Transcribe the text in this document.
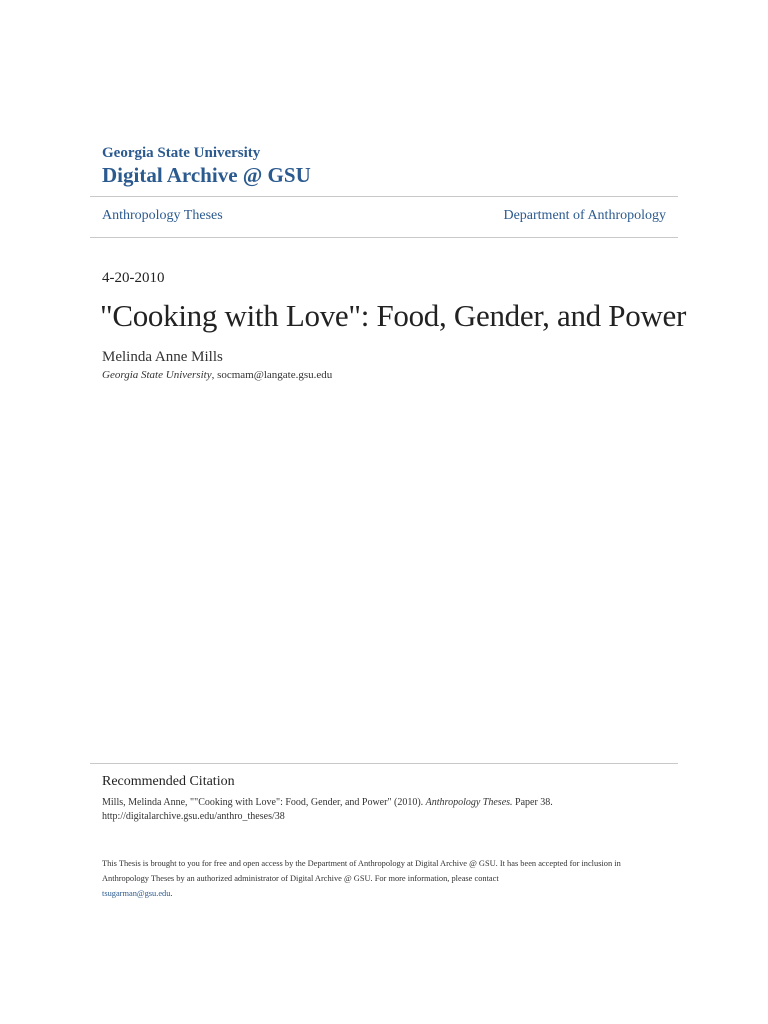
Georgia State University
Digital Archive @ GSU
Anthropology Theses	Department of Anthropology
4-20-2010
"Cooking with Love": Food, Gender, and Power
Melinda Anne Mills
Georgia State University, socmam@langate.gsu.edu
Recommended Citation
Mills, Melinda Anne, ""Cooking with Love": Food, Gender, and Power" (2010). Anthropology Theses. Paper 38.
http://digitalarchive.gsu.edu/anthro_theses/38
This Thesis is brought to you for free and open access by the Department of Anthropology at Digital Archive @ GSU. It has been accepted for inclusion in Anthropology Theses by an authorized administrator of Digital Archive @ GSU. For more information, please contact
tsugarman@gsu.edu.
